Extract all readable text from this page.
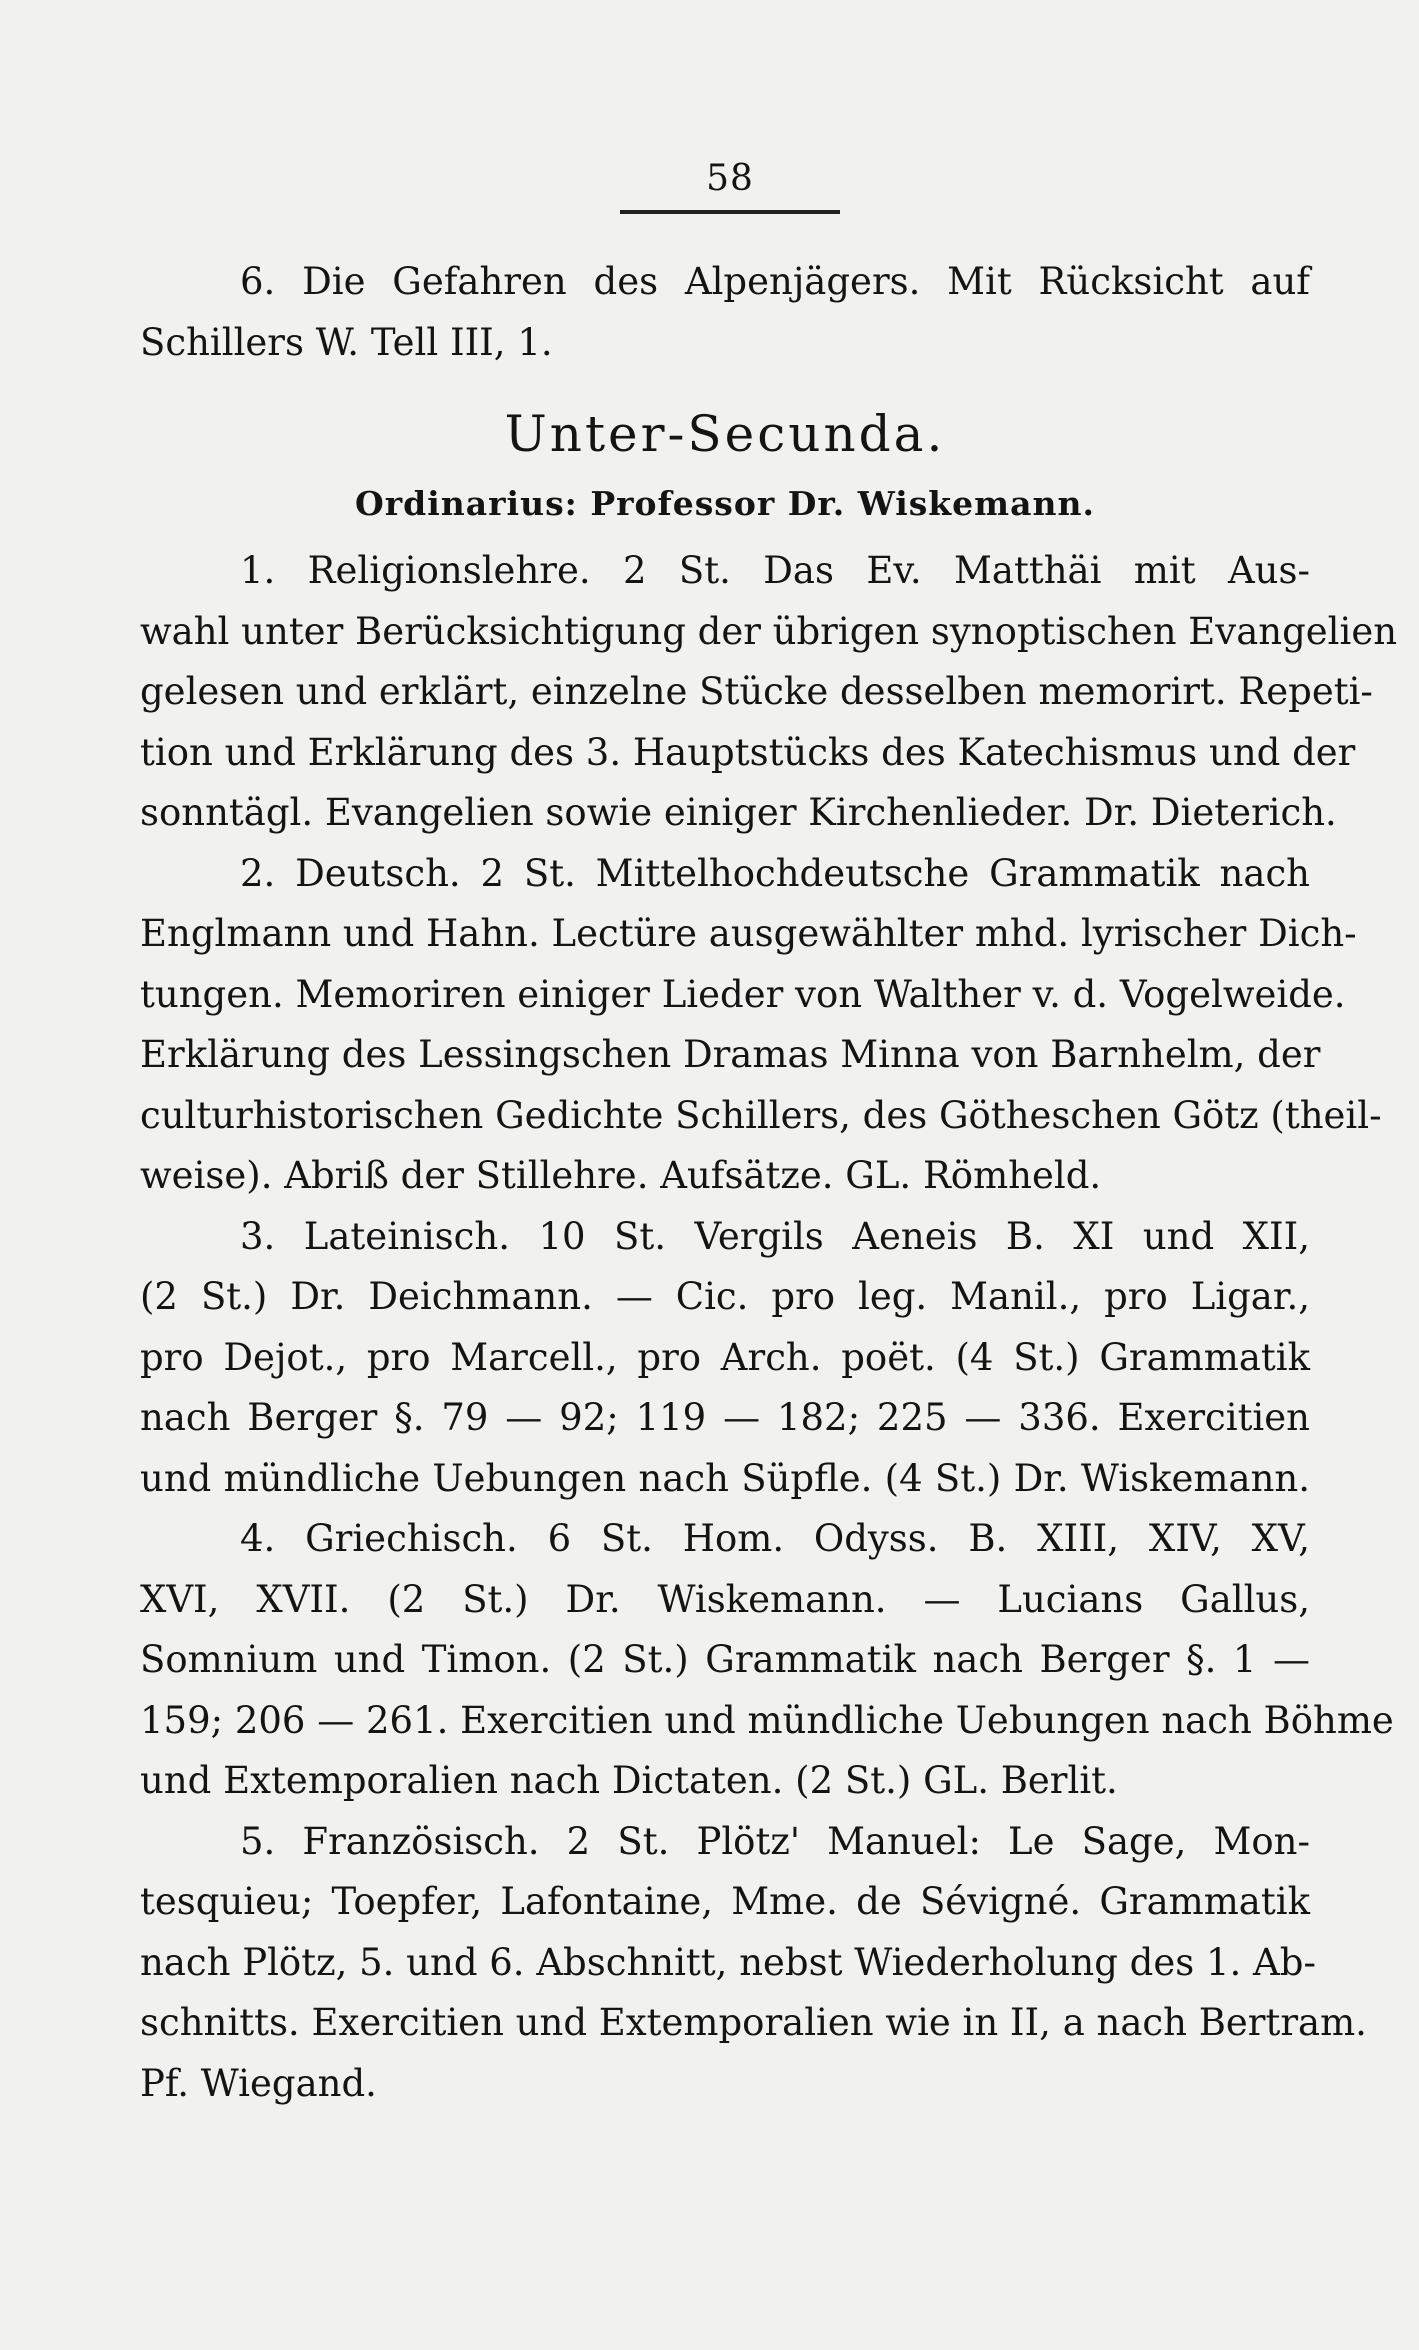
58
6. Die Gefahren des Alpenjägers. Mit Rücksicht auf
Schillers W. Tell III, 1.
Unter-Secunda.
Ordinarius: Professor Dr. Wiskemann.
1. Religionslehre. 2 St. Das Ev. Matthäi mit Aus-
wahl unter Berücksichtigung der übrigen synoptischen Evangelien
gelesen und erklärt, einzelne Stücke desselben memorirt. Repeti-
tion und Erklärung des 3. Hauptstücks des Katechismus und der
sonntägl. Evangelien sowie einiger Kirchenlieder. Dr. Dieterich.
2. Deutsch. 2 St. Mittelhochdeutsche Grammatik nach
Englmann und Hahn. Lectüre ausgewählter mhd. lyrischer Dich-
tungen. Memoriren einiger Lieder von Walther v. d. Vogelweide.
Erklärung des Lessingschen Dramas Minna von Barnhelm, der
culturhistorischen Gedichte Schillers, des Götheschen Götz (theil-
weise). Abriß der Stillehre. Aufsätze. GL. Römheld.
3. Lateinisch. 10 St. Vergils Aeneis B. XI und XII,
(2 St.) Dr. Deichmann. — Cic. pro leg. Manil., pro Ligar.,
pro Dejot., pro Marcell., pro Arch. poët. (4 St.) Grammatik
nach Berger §. 79 — 92; 119 — 182; 225 — 336. Exercitien
und mündliche Uebungen nach Süpfle. (4 St.) Dr. Wiskemann.
4. Griechisch. 6 St. Hom. Odyss. B. XIII, XIV, XV,
XVI, XVII. (2 St.) Dr. Wiskemann. — Lucians Gallus,
Somnium und Timon. (2 St.) Grammatik nach Berger §. 1 —
159; 206 — 261. Exercitien und mündliche Uebungen nach Böhme
und Extemporalien nach Dictaten. (2 St.) GL. Berlit.
5. Französisch. 2 St. Plötz' Manuel: Le Sage, Mon-
tesquieu; Toepfer, Lafontaine, Mme. de Sévigné. Grammatik
nach Plötz, 5. und 6. Abschnitt, nebst Wiederholung des 1. Ab-
schnitts. Exercitien und Extemporalien wie in II, a nach Bertram.
Pf. Wiegand.
